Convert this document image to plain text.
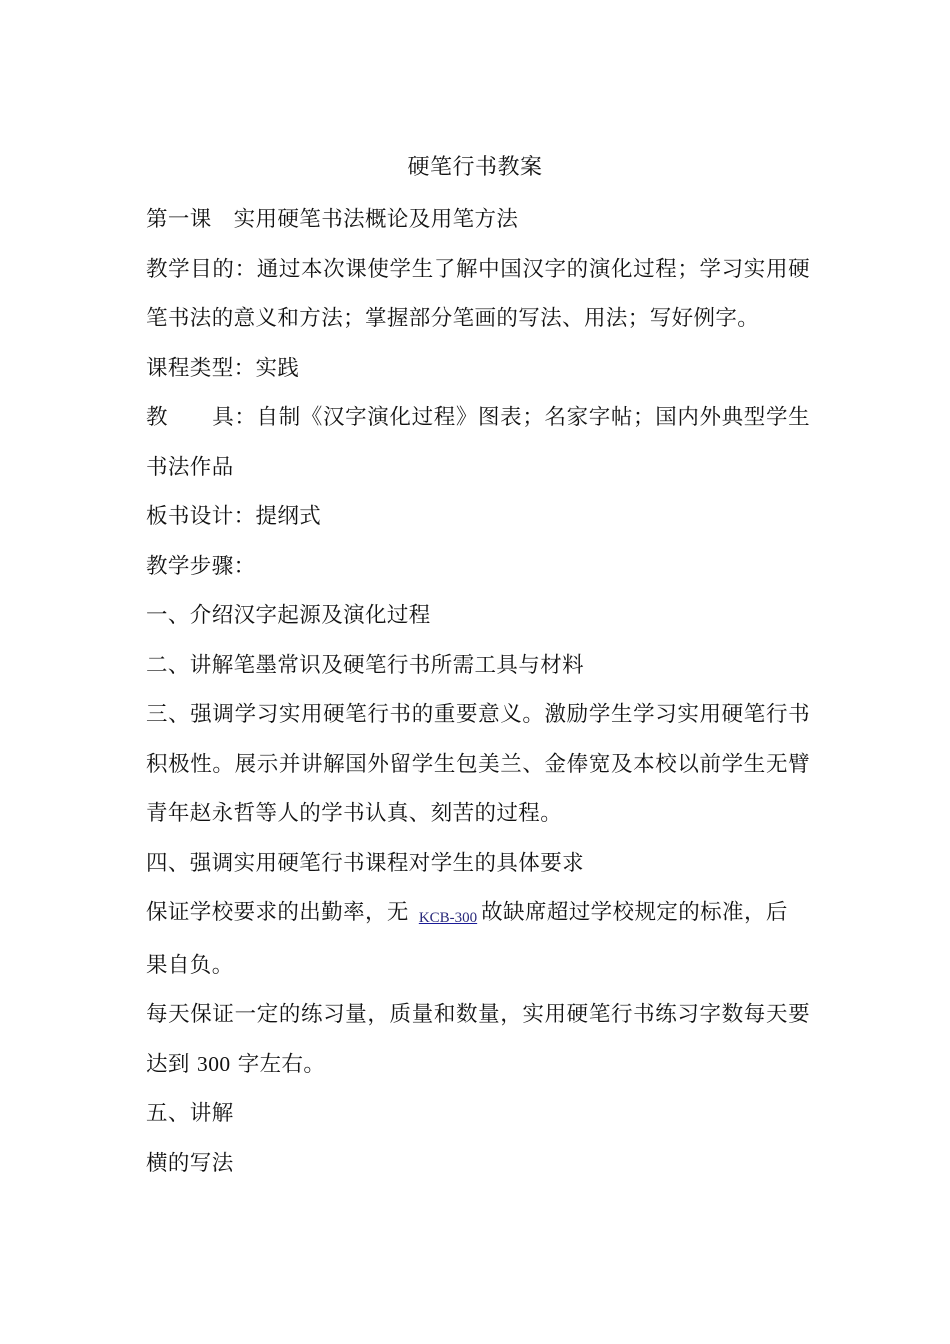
硬笔行书教案

第一课　实用硬笔书法概论及用笔方法

教学目的：通过本次课使学生了解中国汉字的演化过程；学习实用硬

笔书法的意义和方法；掌握部分笔画的写法、用法；写好例字。

课程类型：实践

教 具：自制《汉字演化过程》图表；名家字帖；国内外典型学生

书法作品

板书设计：提纲式

教学步骤：

一、介绍汉字起源及演化过程

二、讲解笔墨常识及硬笔行书所需工具与材料

三、强调学习实用硬笔行书的重要意义。激励学生学习实用硬笔行书

积极性。展示并讲解国外留学生包美兰、金俸宽及本校以前学生无臂

青年赵永哲等人的学书认真、刻苦的过程。

四、强调实用硬笔行书课程对学生的具体要求

保证学校要求的出勤率，无 KCB-300 故缺席超过学校规定的标准，后

果自负。

每天保证一定的练习量，质量和数量，实用硬笔行书练习字数每天要

达到 300 字左右。

五、讲解

横的写法
